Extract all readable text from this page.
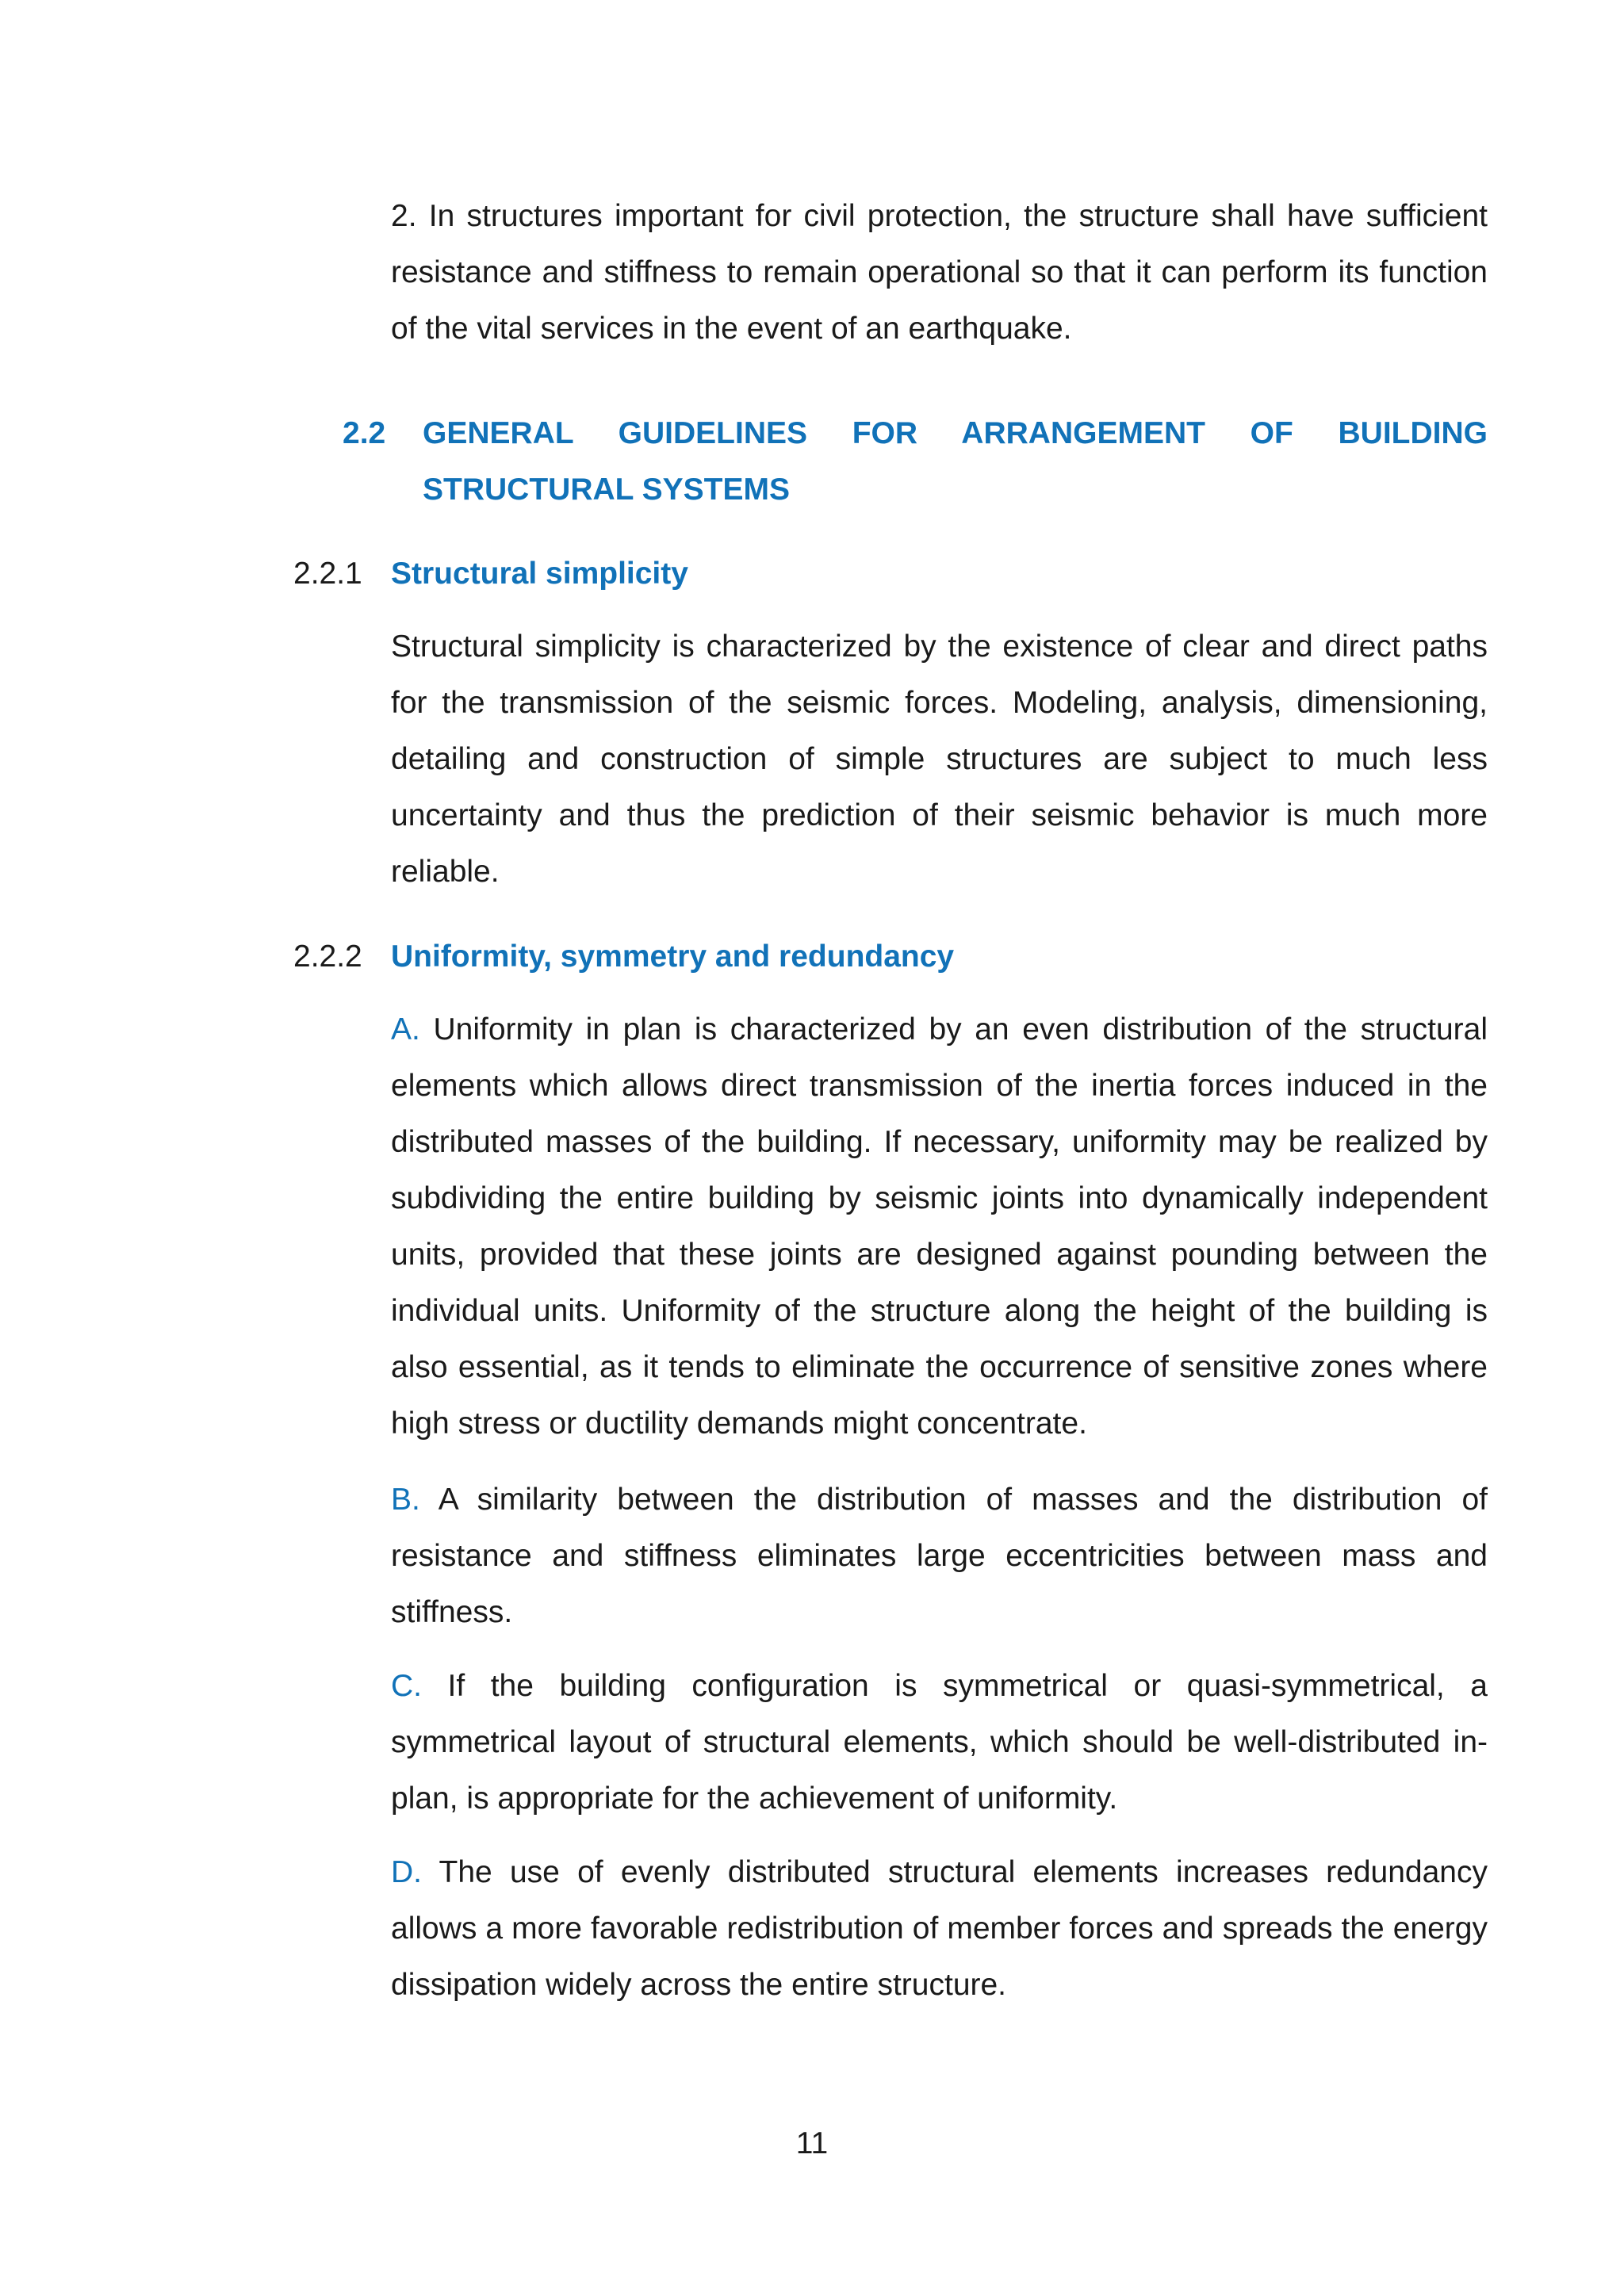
2. In structures important for civil protection, the structure shall have sufficient resistance and stiffness to remain operational so that it can perform its function of the vital services in the event of an earthquake.

2.2 GENERAL GUIDELINES FOR ARRANGEMENT OF BUILDING
STRUCTURAL SYSTEMS
2.2.1 Structural simplicity

Structural simplicity is characterized by the existence of clear and direct paths for the transmission of the seismic forces. Modeling, analysis, dimensioning, detailing and construction of simple structures are subject to much less uncertainty and thus the prediction of their seismic behavior is much more reliable.

2.2.2 Uniformity, symmetry and redundancy

A. Uniformity in plan is characterized by an even distribution of the structural elements which allows direct transmission of the inertia forces induced in the distributed masses of the building. If necessary, uniformity may be realized by subdividing the entire building by seismic joints into dynamically independent units, provided that these joints are designed against pounding between the individual units. Uniformity of the structure along the height of the building is also essential, as it tends to eliminate the occurrence of sensitive zones where high stress or ductility demands might concentrate.

B. A similarity between the distribution of masses and the distribution of resistance and stiffness eliminates large eccentricities between mass and stiffness.

C. If the building configuration is symmetrical or quasi-symmetrical, a symmetrical layout of structural elements, which should be well-distributed in-plan, is appropriate for the achievement of uniformity.

D. The use of evenly distributed structural elements increases redundancy allows a more favorable redistribution of member forces and spreads the energy dissipation widely across the entire structure.

11
